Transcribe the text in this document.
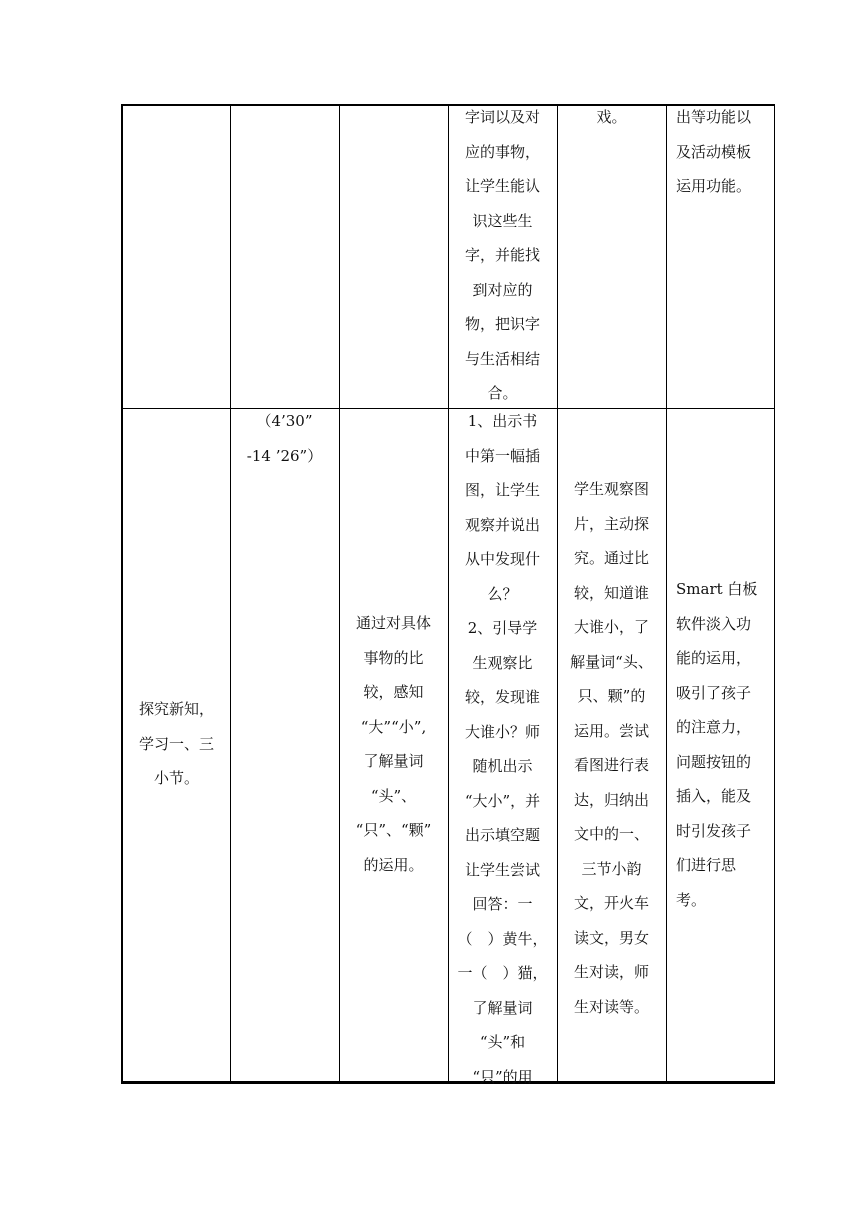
字词以及对

应的事物，

让学生能认

识这些生

字，并能找

到对应的

物，把识字

与生活相结

合。

戏。	出等功能以

及活动模板

运用功能。

探究新知，

学习一、三

小节。

（4’30”

-14 ’26”）

通过对具体

事物的比

较，感知

“大”“小”,

了解量词

“头”、

“只”、“颗”

的运用。

1、出示书

中第一幅插

图，让学生

观察并说出

从中发现什

么？

2、引导学

生观察比

较，发现谁

大谁小？师

随机出示

“大小”，并

出示填空题

让学生尝试

回答：一

（　）黄牛，

一（　）猫，

了解量词

“头”和

“只”的用

学生观察图

片，主动探

究。通过比

较，知道谁

大谁小，了

解量词“头、

只、颗”的

运用。尝试

看图进行表

达，归纳出

文中的一、

三节小韵

文，开火车

读文，男女

生对读，师

生对读等。

Smart 白板

软件淡入功

能的运用，

吸引了孩子

的注意力，

问题按钮的

插入，能及

时引发孩子

们进行思

考。
